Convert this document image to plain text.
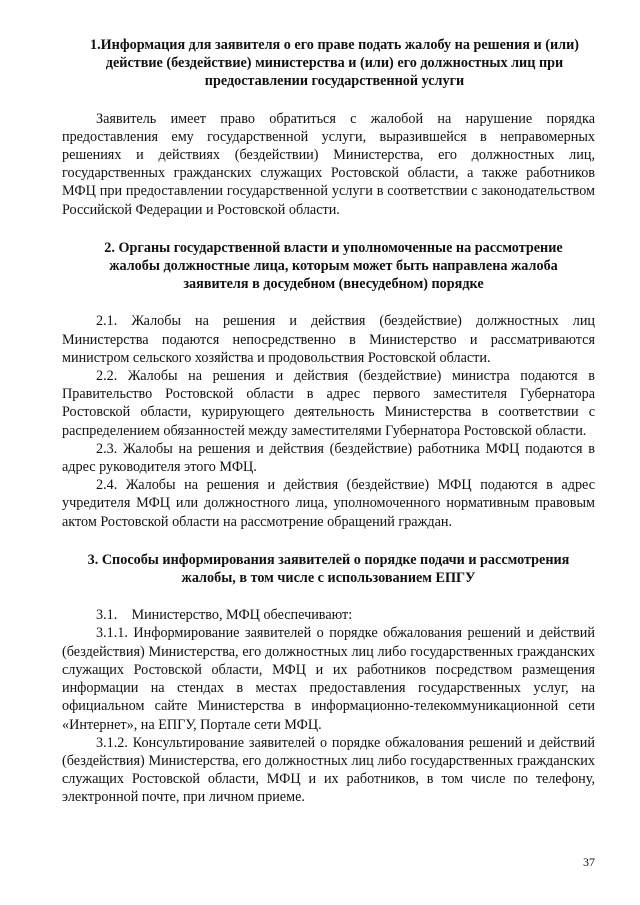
1.Информация для заявителя о его праве подать жалобу на решения и (или) действие (бездействие) министерства и (или) его должностных лиц при предоставлении государственной услуги

Заявитель имеет право обратиться с жалобой на нарушение порядка предоставления ему государственной услуги, выразившейся в неправомерных решениях и действиях (бездействии) Министерства, его должностных лиц, государственных гражданских служащих Ростовской области, а также работников МФЦ при предоставлении государственной услуги в соответствии с законодательством Российской Федерации и Ростовской области.

2. Органы государственной власти и уполномоченные на рассмотрение жалобы должностные лица, которым может быть направлена жалоба заявителя в досудебном (внесудебном) порядке

2.1. Жалобы на решения и действия (бездействие) должностных лиц Министерства подаются непосредственно в Министерство и рассматриваются министром сельского хозяйства и продовольствия Ростовской области.

2.2. Жалобы на решения и действия (бездействие) министра подаются в Правительство Ростовской области в адрес первого заместителя Губернатора Ростовской области, курирующего деятельность Министерства в соответствии с распределением обязанностей между заместителями Губернатора Ростовской области.

2.3. Жалобы на решения и действия (бездействие) работника МФЦ подаются в адрес руководителя этого МФЦ.

2.4. Жалобы на решения и действия (бездействие) МФЦ подаются в адрес учредителя МФЦ или должностного лица, уполномоченного нормативным правовым актом Ростовской области на рассмотрение обращений граждан.

3. Способы информирования заявителей о порядке подачи и рассмотрения жалобы, в том числе с использованием ЕПГУ

3.1.    Министерство, МФЦ обеспечивают:

3.1.1. Информирование заявителей о порядке обжалования решений и действий (бездействия) Министерства, его должностных лиц либо государственных гражданских служащих Ростовской области, МФЦ и их работников посредством размещения информации на стендах в местах предоставления государственных услуг, на официальном сайте Министерства в информационно-телекоммуникационной сети «Интернет», на ЕПГУ, Портале сети МФЦ.

3.1.2. Консультирование заявителей о порядке обжалования решений и действий (бездействия) Министерства, его должностных лиц либо государственных гражданских служащих Ростовской области, МФЦ и их работников, в том числе по телефону, электронной почте, при личном приеме.

37
